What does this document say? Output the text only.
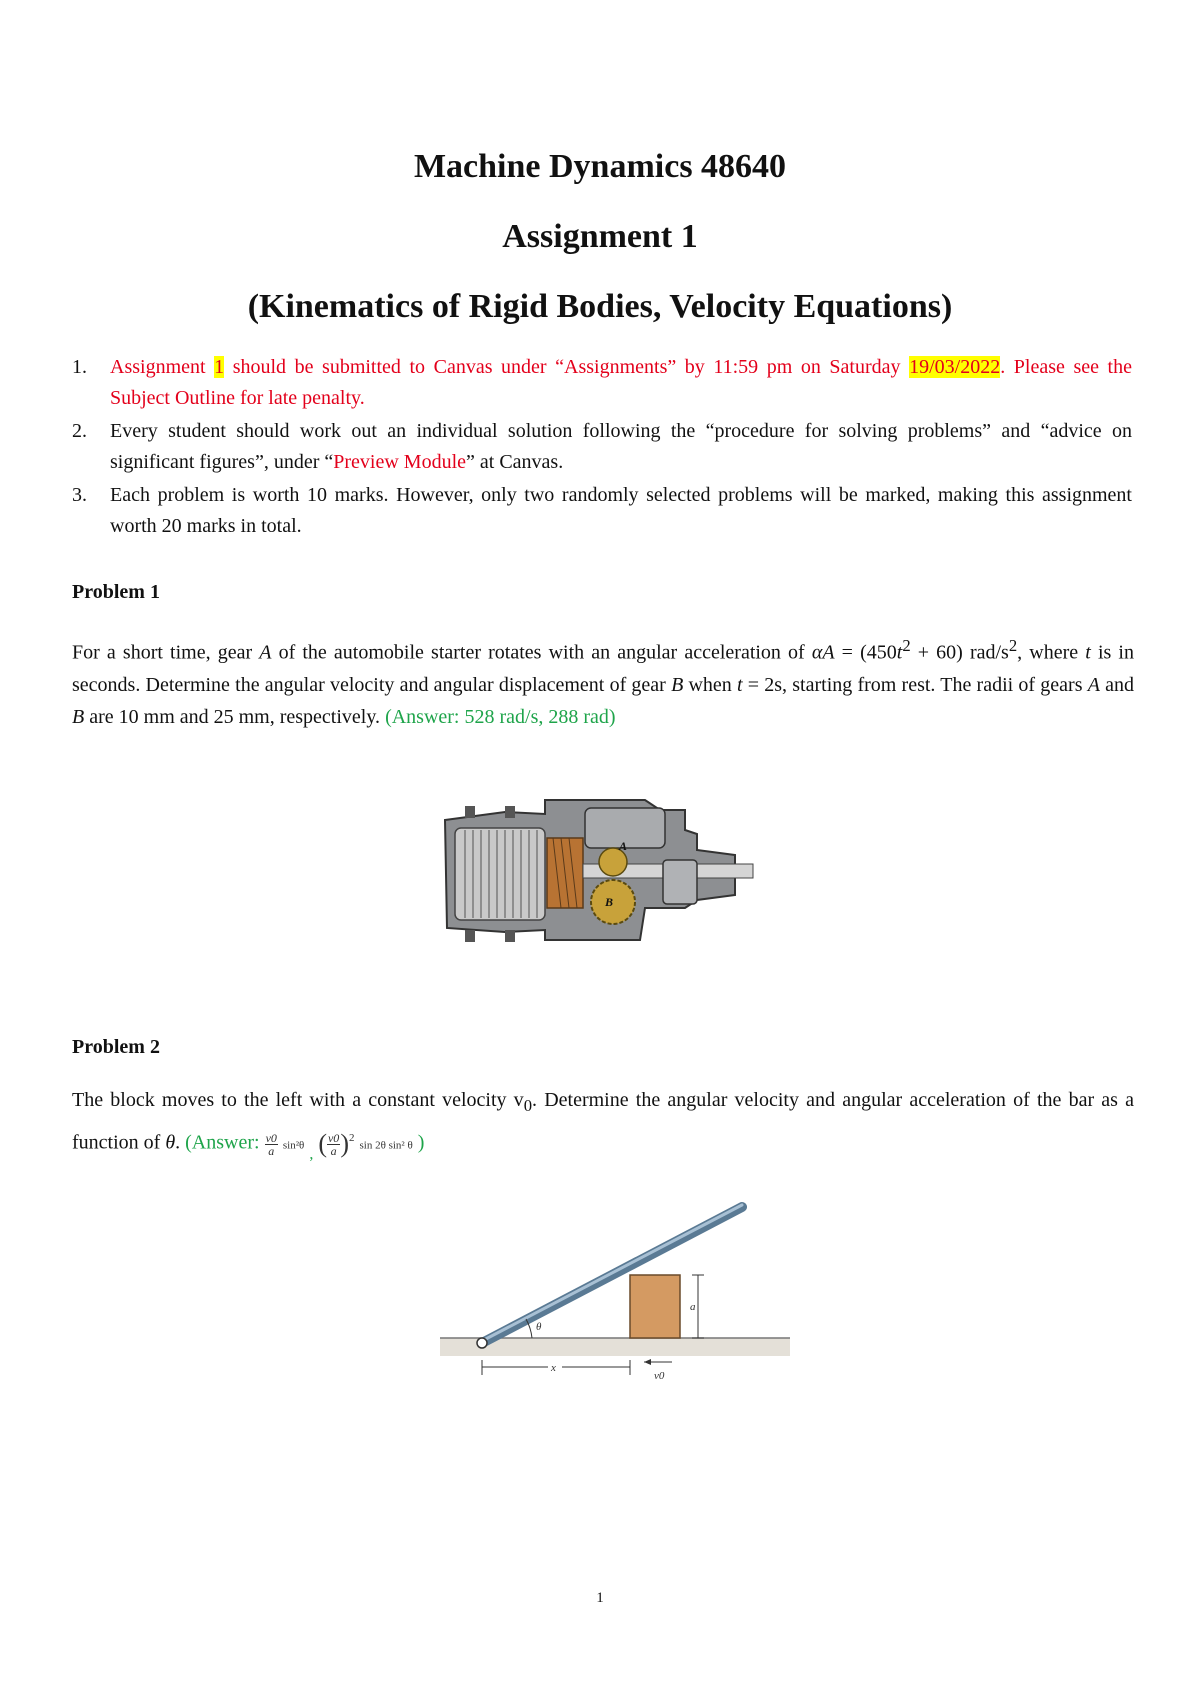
Machine Dynamics 48640
Assignment 1
(Kinematics of Rigid Bodies, Velocity Equations)
1. Assignment 1 should be submitted to Canvas under “Assignments” by 11:59 pm on Saturday 19/03/2022. Please see the Subject Outline for late penalty.
2. Every student should work out an individual solution following the “procedure for solving problems” and “advice on significant figures”, under “Preview Module” at Canvas.
3. Each problem is worth 10 marks. However, only two randomly selected problems will be marked, making this assignment worth 20 marks in total.
Problem 1
For a short time, gear A of the automobile starter rotates with an angular acceleration of $\alpha A = (450t^2 + 60)$ rad/$s^2$, where t is in seconds. Determine the angular velocity and angular displacement of gear B when t = 2s, starting from rest. The radii of gears A and B are 10 mm and 25 mm, respectively. (Answer: 528 rad/s, 288 rad)
A
B
Problem 2
The block moves to the left with a constant velocity $v_0$. Determine the angular velocity and angular acceleration of the bar as a function of θ. (Answer: $\frac{v0}{a} \sin^2\theta$ $_,$ ( $\frac{v0}{a} )^2$ sin 2θ sin² θ )
θ
a
x
v0
1
